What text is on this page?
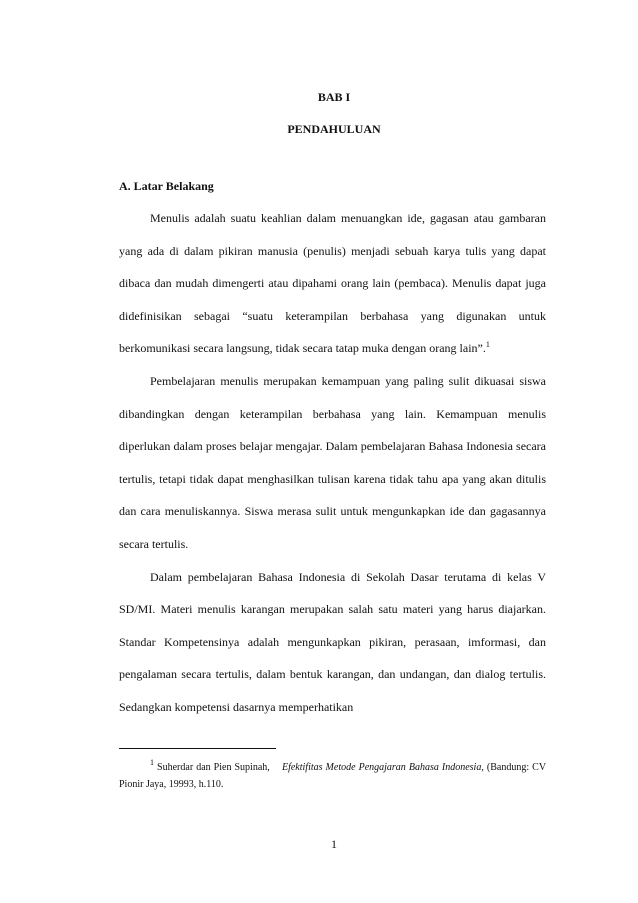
BAB I
PENDAHULUAN
A. Latar Belakang

Menulis adalah suatu keahlian dalam menuangkan ide, gagasan atau gambaran yang ada di dalam pikiran manusia (penulis) menjadi sebuah karya tulis yang dapat dibaca dan mudah dimengerti atau dipahami orang lain (pembaca). Menulis dapat juga didefinisikan sebagai “suatu keterampilan berbahasa yang digunakan untuk berkomunikasi secara langsung, tidak secara tatap muka dengan orang lain”.$^1$

Pembelajaran menulis merupakan kemampuan yang paling sulit dikuasai siswa dibandingkan dengan keterampilan berbahasa yang lain. Kemampuan menulis diperlukan dalam proses belajar mengajar. Dalam pembelajaran Bahasa Indonesia secara tertulis, tetapi tidak dapat menghasilkan tulisan karena tidak tahu apa yang akan ditulis dan cara menuliskannya. Siswa merasa sulit untuk mengunkapkan ide dan gagasannya secara tertulis.

Dalam pembelajaran Bahasa Indonesia di Sekolah Dasar terutama di kelas V SD/MI. Materi menulis karangan merupakan salah satu materi yang harus diajarkan. Standar Kompetensinya adalah mengunkapkan pikiran, perasaan, imformasi, dan pengalaman secara tertulis, dalam bentuk karangan, dan undangan, dan dialog tertulis. Sedangkan kompetensi dasarnya memperhatikan

$^1$ Suherdar dan Pien Supinah, Efektifitas Metode Pengajaran Bahasa Indonesia, (Bandung: CV Pionir Jaya, 19993, h.110.

1
